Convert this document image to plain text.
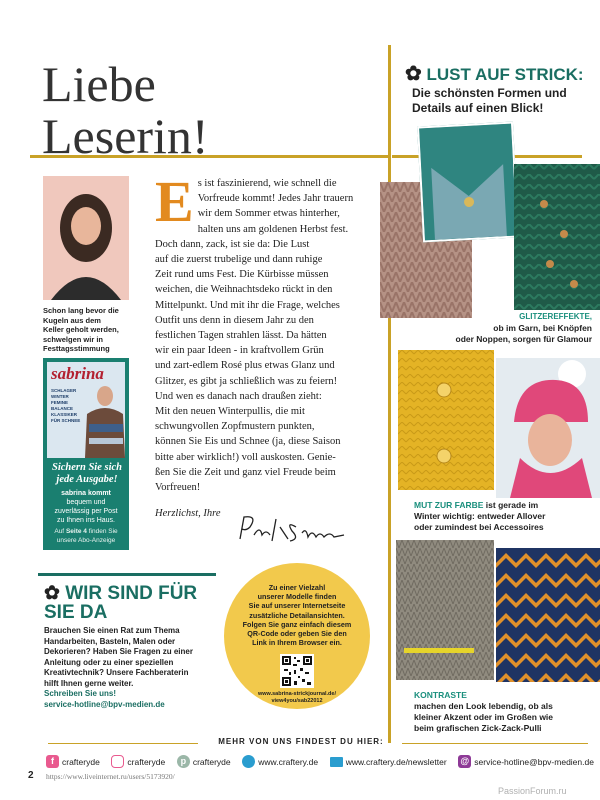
Liebe
Leserin!
Schon lang bevor die
Kugeln aus dem
Keller geholt werden,
schwelgen wir in
Festtagsstimmung
E s ist faszinierend, wie schnell die
Vorfreude kommt! Jedes Jahr trauern
wir dem Sommer etwas hinterher,
halten uns am goldenen Herbst fest.
Doch dann, zack, ist sie da: Die Lust
auf die zuerst trubelige und dann ruhige
Zeit rund ums Fest. Die Kürbisse müssen
weichen, die Weihnachtsdeko rückt in den
Mittelpunkt. Und mit ihr die Frage, welches
Outfit uns denn in diesem Jahr zu den
festlichen Tagen strahlen lässt. Da hätten
wir ein paar Ideen - in kraftvollem Grün
und zart-edlem Rosé plus etwas Glanz und
Glitzer, es gibt ja schließlich was zu feiern!
Und wen es danach nach draußen zieht:
Mit den neuen Winterpullis, die mit
schwungvollen Zopfmustern punkten,
können Sie Eis und Schnee (ja, diese Saison
bitte aber wirklich!) voll auskosten. Genie-
ßen Sie die Zeit und ganz viel Freude beim
Vorfreuen!
Herzlichst, Ihre
sabrina
SCHLAGER WINTER
FEMINE BALANCE
KLASSIKER FÜR SCHNEE
Sichern Sie sich jede Ausgabe!
sabrina kommt
bequem und
zuverlässig per Post
zu Ihnen ins Haus.
Auf Seite 4 finden Sie
unsere Abo-Anzeige
✿ LUST AUF STRICK:
Die schönsten Formen und
Details auf einen Blick!
GLITZEREFFEKTE,
ob im Garn, bei Knöpfen
oder Noppen, sorgen für Glamour
MUT ZUR FARBE ist gerade im
Winter wichtig: entweder Allover
oder zumindest bei Accessoires
KONTRASTE
machen den Look lebendig, ob als
kleiner Akzent oder im Großen wie
beim grafischen Zick-Zack-Pulli
✿ WIR SIND FÜR
SIE DA
Brauchen Sie einen Rat zum Thema
Handarbeiten, Basteln, Malen oder
Dekorieren? Haben Sie Fragen zu einer
Anleitung oder zu einer speziellen
Kreativtechnik? Unsere Fachberaterin
hilft Ihnen gerne weiter.
Schreiben Sie uns!
service-hotline@bpv-medien.de
Zu einer Vielzahl
unserer Modelle finden
Sie auf unserer Internetseite
zusätzliche Detailansichten.
Folgen Sie ganz einfach diesem
QR-Code oder geben Sie den
Link in Ihrem Browser ein.
www.sabrina-strickjournal.de/
view4you/sab22012
MEHR VON UNS FINDEST DU HIER:
f crafteryde	crafteryde	p crafteryde	www.craftery.de	www.craftery.de/newsletter @ service-hotline@bpv-medien.de
2 https://www.liveinternet.ru/users/5173920/
PassionForum.ru
